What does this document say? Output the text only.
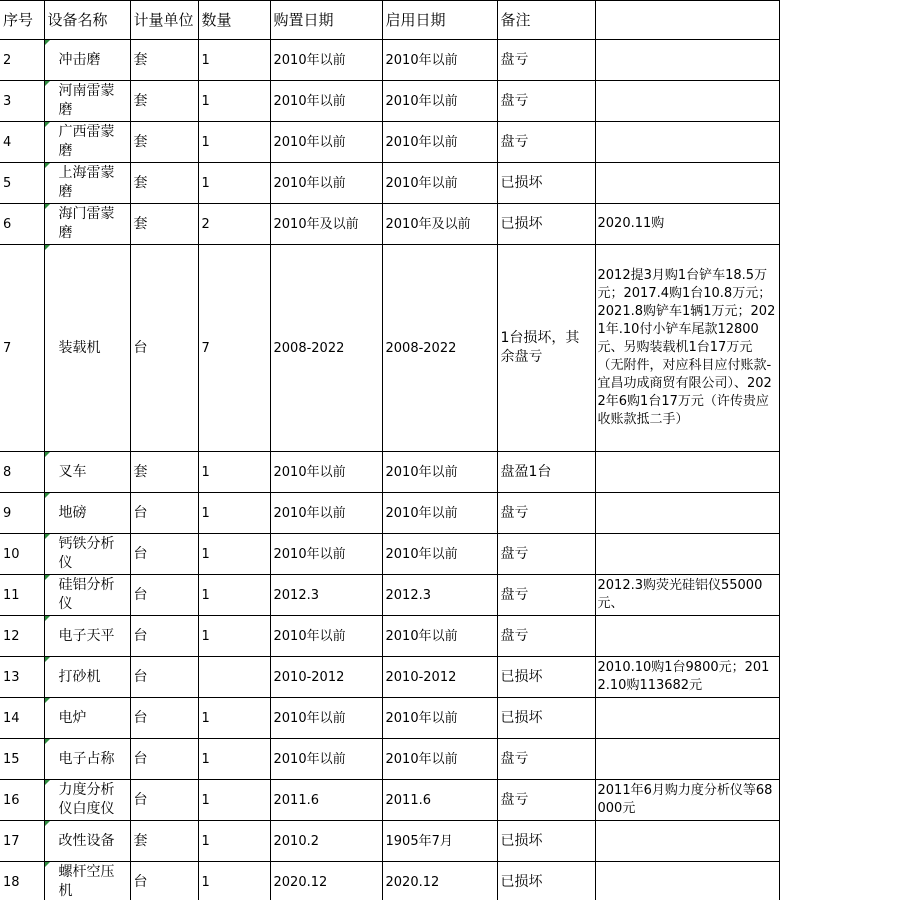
序号	设备名称	计量单位	数量	购置日期	启用日期	备注	
2	冲击磨	套	1	2010年以前	2010年以前	盘亏	
3	河南雷蒙磨	套	1	2010年以前	2010年以前	盘亏	
4	广西雷蒙磨	套	1	2010年以前	2010年以前	盘亏	
5	上海雷蒙磨	套	1	2010年以前	2010年以前	已损坏	
6	海门雷蒙磨	套	2	2010年及以前	2010年及以前	已损坏	2020.11购
7	装载机	台	7	2008-2022	2008-2022	1台损坏，其余盘亏	2012提3月购1台铲车18.5万元；2017.4购1台10.8万元；2021.8购铲车1辆1万元；2021年.10付小铲车尾款12800元、另购装载机1台17万元（无附件，对应科目应付账款-宜昌功成商贸有限公司）、2022年6购1台17万元（许传贵应收账款抵二手）
8	叉车	套	1	2010年以前	2010年以前	盘盈1台	
9	地磅	台	1	2010年以前	2010年以前	盘亏	
10	钙铁分析仪	台	1	2010年以前	2010年以前	盘亏	
11	硅铝分析仪	台	1	2012.3	2012.3	盘亏	2012.3购荧光硅铝仪55000元、
12	电子天平	台	1	2010年以前	2010年以前	盘亏	
13	打砂机	台		2010-2012	2010-2012	已损坏	2010.10购1台9800元；2012.10购113682元
14	电炉	台	1	2010年以前	2010年以前	已损坏	
15	电子占称	台	1	2010年以前	2010年以前	盘亏	
16	力度分析仪白度仪	台	1	2011.6	2011.6	盘亏	2011年6月购力度分析仪等68000元
17	改性设备	套	1	2010.2	1905年7月	已损坏	
18	螺杆空压机	台	1	2020.12	2020.12	已损坏	
